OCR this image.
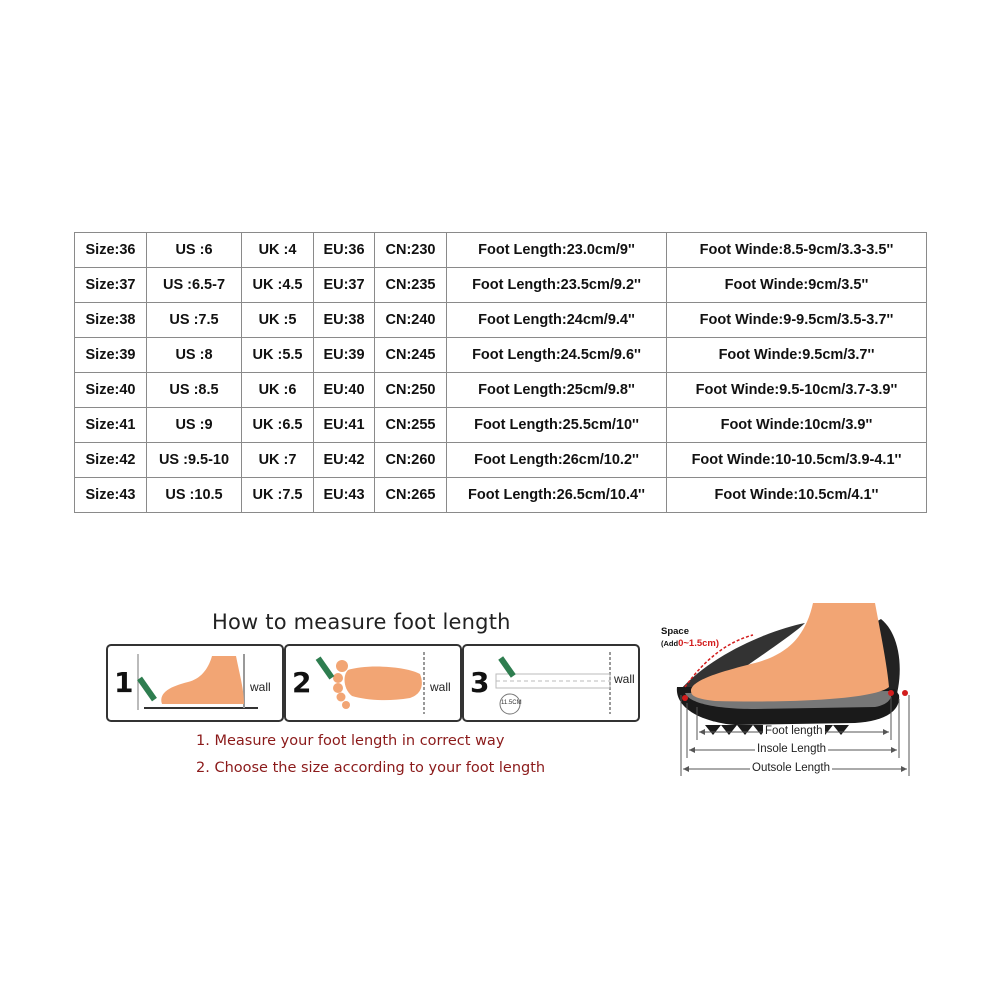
Size:36	US :6	UK :4	EU:36	CN:230	Foot Length:23.0cm/9''	Foot Winde:8.5-9cm/3.3-3.5''
Size:37	US :6.5-7	UK :4.5	EU:37	CN:235	Foot Length:23.5cm/9.2''	Foot Winde:9cm/3.5''
Size:38	US :7.5	UK :5	EU:38	CN:240	Foot Length:24cm/9.4''	Foot Winde:9-9.5cm/3.5-3.7''
Size:39	US :8	UK :5.5	EU:39	CN:245	Foot Length:24.5cm/9.6''	Foot Winde:9.5cm/3.7''
Size:40	US :8.5	UK :6	EU:40	CN:250	Foot Length:25cm/9.8''	Foot Winde:9.5-10cm/3.7-3.9''
Size:41	US :9	UK :6.5	EU:41	CN:255	Foot Length:25.5cm/10''	Foot Winde:10cm/3.9''
Size:42	US :9.5-10	UK :7	EU:42	CN:260	Foot Length:26cm/10.2''	Foot Winde:10-10.5cm/3.9-4.1''
Size:43	US :10.5	UK :7.5	EU:43	CN:265	Foot Length:26.5cm/10.4''	Foot Winde:10.5cm/4.1''
How to measure foot length
1	wall 2	wall 3
11.5CM
wall
1. Measure your foot length in correct way
2. Choose the size according to your foot length
Space
(Add0~1.5cm)
Foot length
Insole Length
Outsole Length
